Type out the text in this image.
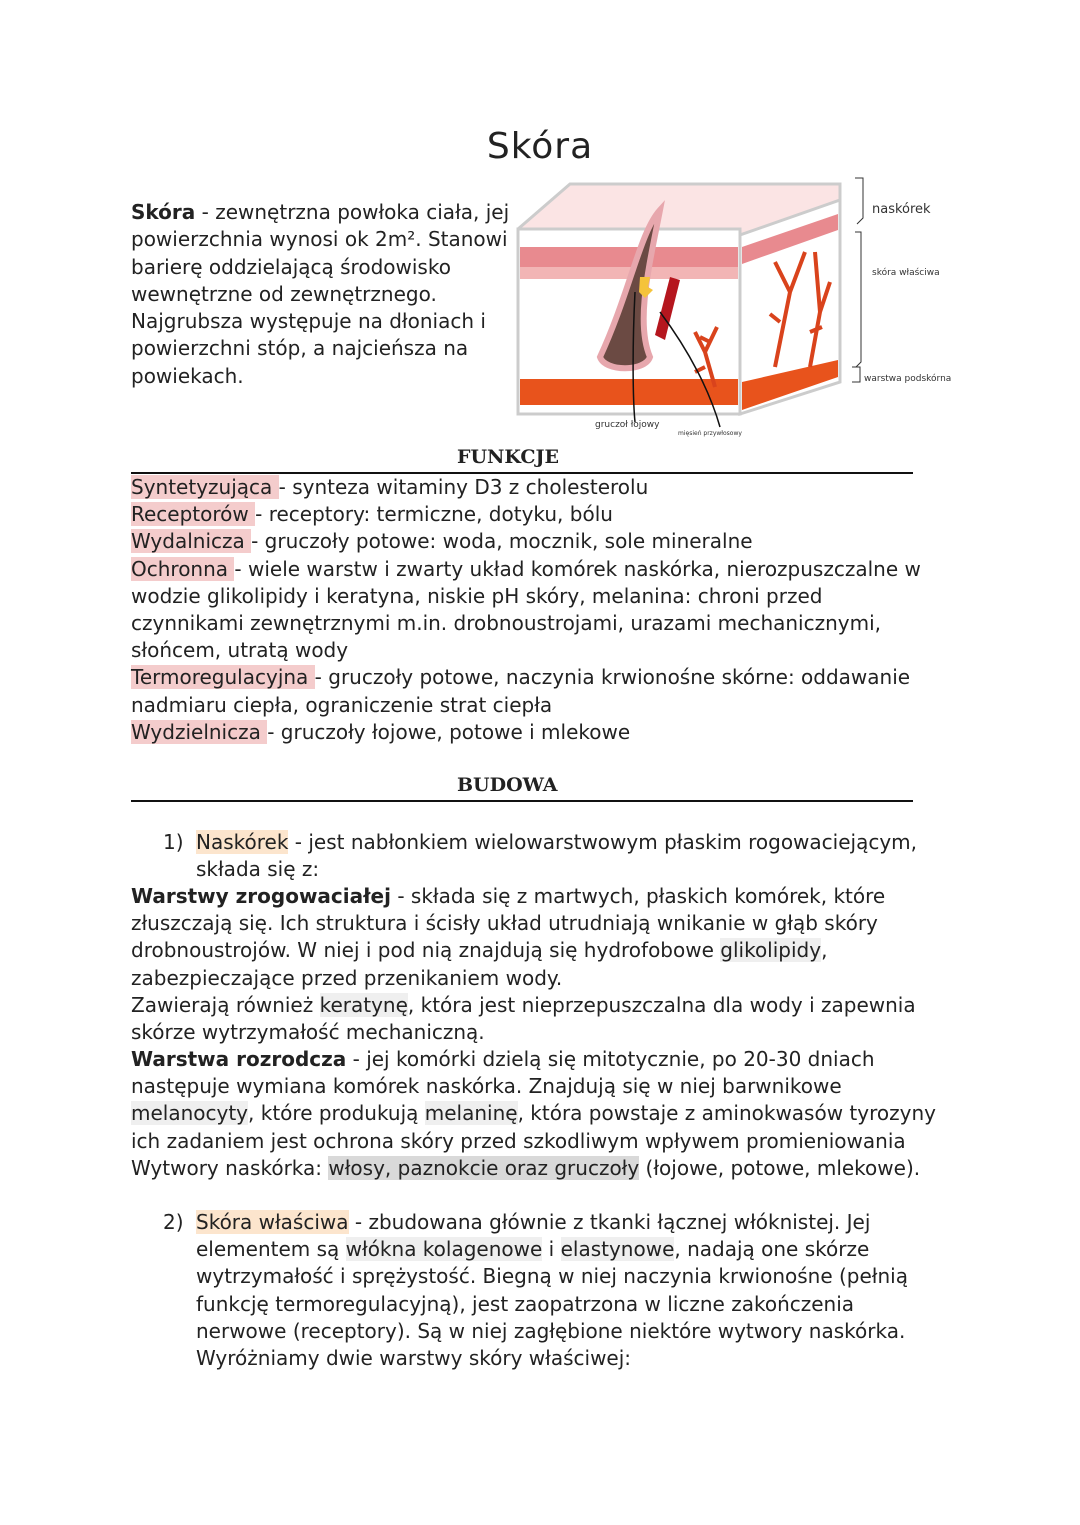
Skóra
Skóra - zewnętrzna powłoka ciała, jej powierzchnia wynosi ok 2m². Stanowi barierę oddzielającą środowisko wewnętrzne od zewnętrznego. Najgrubsza występuje na dłoniach i powierzchni stóp, a najcieńsza na powiekach.
naskórek
skóra właściwa
warstwa podskórna
gruczoł łojowy
mięsień przywłosowy
FUNKCJE
Syntetyzująca - synteza witaminy D3 z cholesterolu
Receptorów - receptory: termiczne, dotyku, bólu
Wydalnicza - gruczoły potowe: woda, mocznik, sole mineralne
Ochronna - wiele warstw i zwarty układ komórek naskórka, nierozpuszczalne w wodzie glikolipidy i keratyna, niskie pH skóry, melanina: chroni przed czynnikami zewnętrznymi m.in. drobnoustrojami, urazami mechanicznymi, słońcem, utratą wody
Termoregulacyjna - gruczoły potowe, naczynia krwionośne skórne: oddawanie nadmiaru ciepła, ograniczenie strat ciepła
Wydzielnicza - gruczoły łojowe, potowe i mlekowe
BUDOWA
1) Naskórek - jest nabłonkiem wielowarstwowym płaskim rogowaciejącym, składa się z:
Warstwy zrogowaciałej - składa się z martwych, płaskich komórek, które złuszczają się. Ich struktura i ścisły układ utrudniają wnikanie w głąb skóry drobnoustrojów. W niej i pod nią znajdują się hydrofobowe glikolipidy, zabezpieczające przed przenikaniem wody.
Zawierają również keratynę, która jest nieprzepuszczalna dla wody i zapewnia skórze wytrzymałość mechaniczną.
Warstwa rozrodcza - jej komórki dzielą się mitotycznie, po 20-30 dniach następuje wymiana komórek naskórka. Znajdują się w niej barwnikowe melanocyty, które produkują melaninę, która powstaje z aminokwasów tyrozyny ich zadaniem jest ochrona skóry przed szkodliwym wpływem promieniowania
Wytwory naskórka: włosy, paznokcie oraz gruczoły (łojowe, potowe, mlekowe).
2) Skóra właściwa - zbudowana głównie z tkanki łącznej włóknistej. Jej elementem są włókna kolagenowe i elastynowe, nadają one skórze wytrzymałość i sprężystość. Biegną w niej naczynia krwionośne (pełnią funkcję termoregulacyjną), jest zaopatrzona w liczne zakończenia nerwowe (receptory). Są w niej zagłębione niektóre wytwory naskórka. Wyróżniamy dwie warstwy skóry właściwej:
